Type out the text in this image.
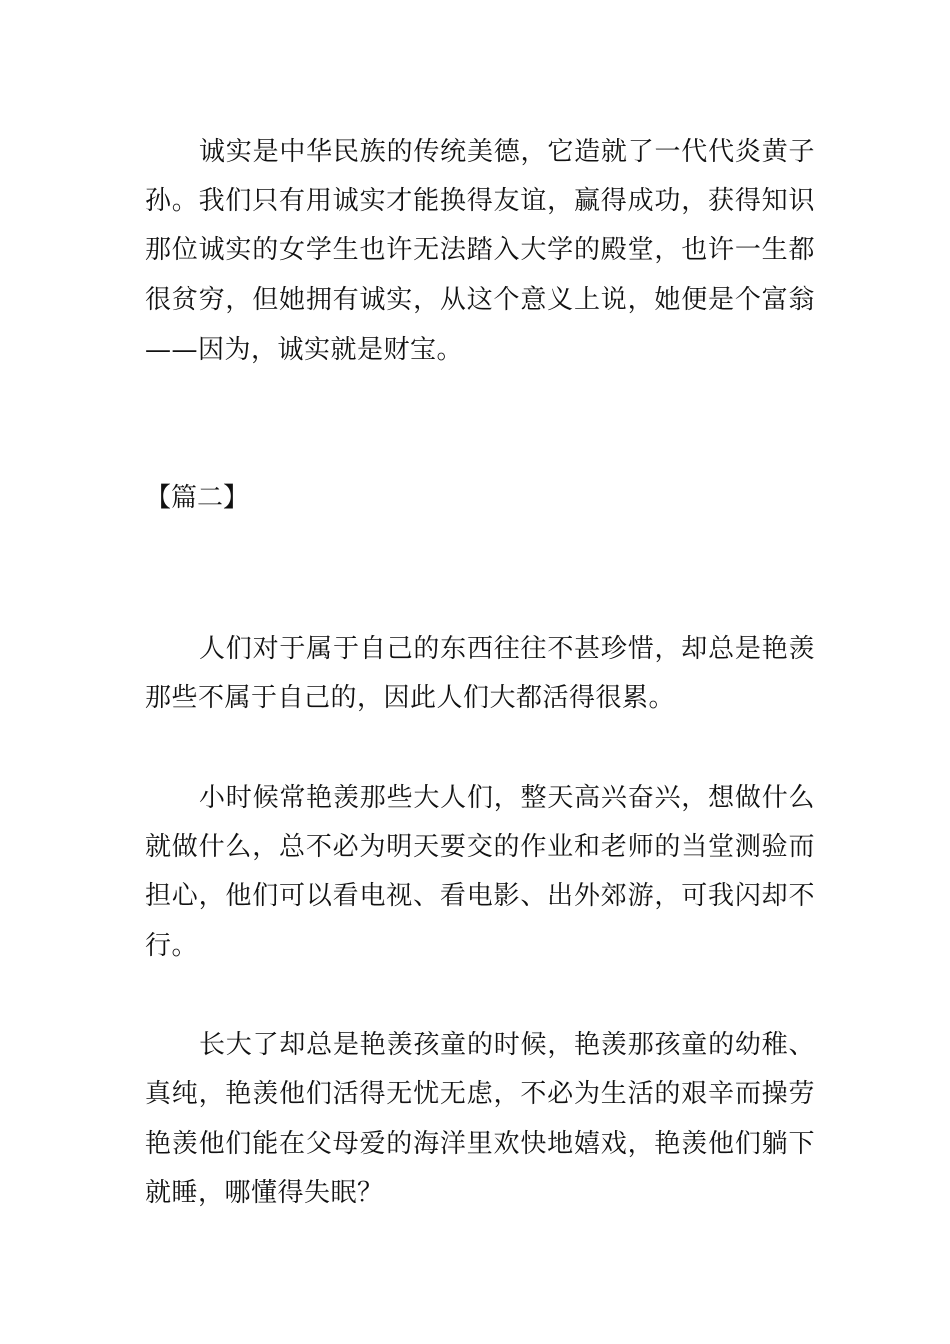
诚实是中华民族的传统美德，它造就了一代代炎黄子
孙。我们只有用诚实才能换得友谊，赢得成功，获得知识
那位诚实的女学生也许无法踏入大学的殿堂，也许一生都
很贫穷，但她拥有诚实，从这个意义上说，她便是个富翁
——因为，诚实就是财宝。
【篇二】
人们对于属于自己的东西往往不甚珍惜，却总是艳羡
那些不属于自己的，因此人们大都活得很累。
小时候常艳羡那些大人们，整天高兴奋兴，想做什么
就做什么，总不必为明天要交的作业和老师的当堂测验而
担心，他们可以看电视、看电影、出外郊游，可我闪却不
行。
长大了却总是艳羡孩童的时候，艳羡那孩童的幼稚、
真纯，艳羡他们活得无忧无虑，不必为生活的艰辛而操劳
艳羡他们能在父母爱的海洋里欢快地嬉戏，艳羡他们躺下
就睡，哪懂得失眠？
